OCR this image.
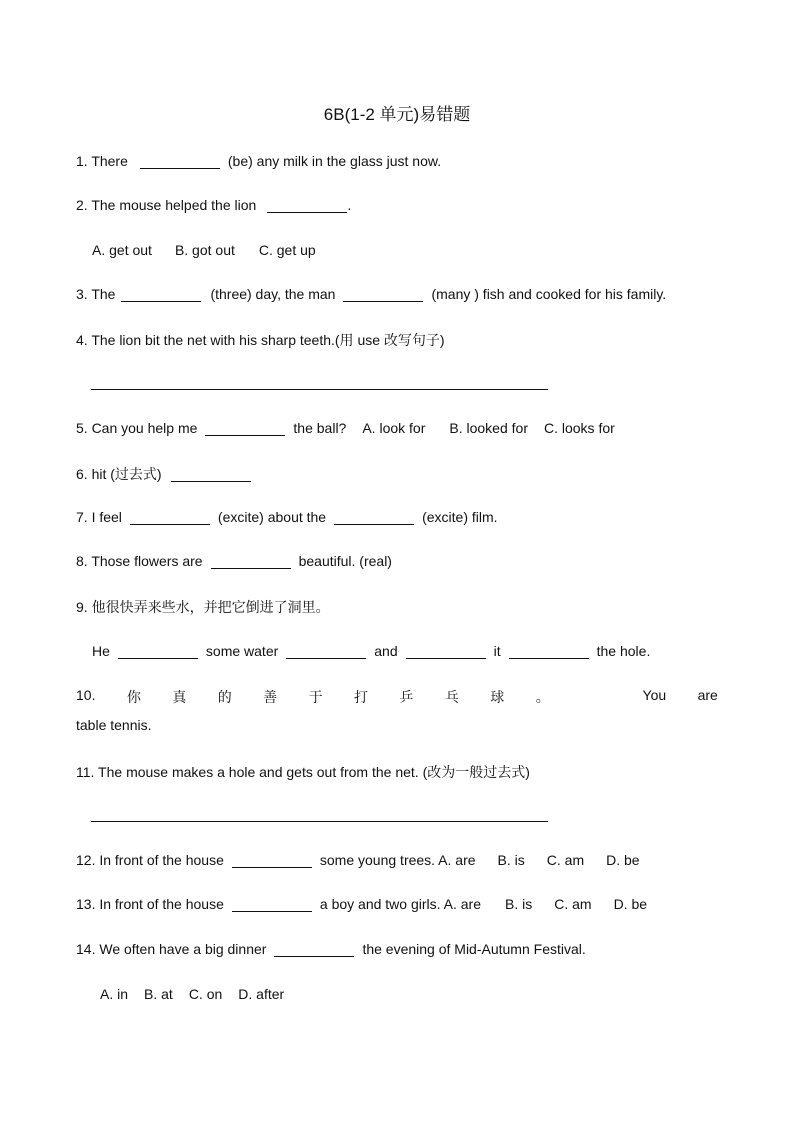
6B(1-2 单元)易错题
1. There	(be) any milk in the glass just now.
2. The mouse helped the lion	.
A. get out B. got out C. get up
3. The	(three) day, the man	(many ) fish and cooked for his family.
4. The lion bit the net with his sharp teeth.(用 use 改写句子)
5. Can you help me	the ball? A. look for B. looked for C. looks for
6. hit (过去式)
7. I feel	(excite) about the	(excite) film.
8. Those flowers are	beautiful. (real)
9. 他很快弄来些水，并把它倒进了洞里。
He	some water	and	it	the hole.
10. 你 真 的 善 于 打 乒 乓 球 。	You are
table tennis.
11. The mouse makes a hole and gets out from the net. (改为一般过去式)
12. In front of the house	some young trees. A. are B. is C. am D. be
13. In front of the house	a boy and two girls. A. are B. is C. am D. be
14. We often have a big dinner	the evening of Mid-Autumn Festival.
A. in B. at C. on D. after
